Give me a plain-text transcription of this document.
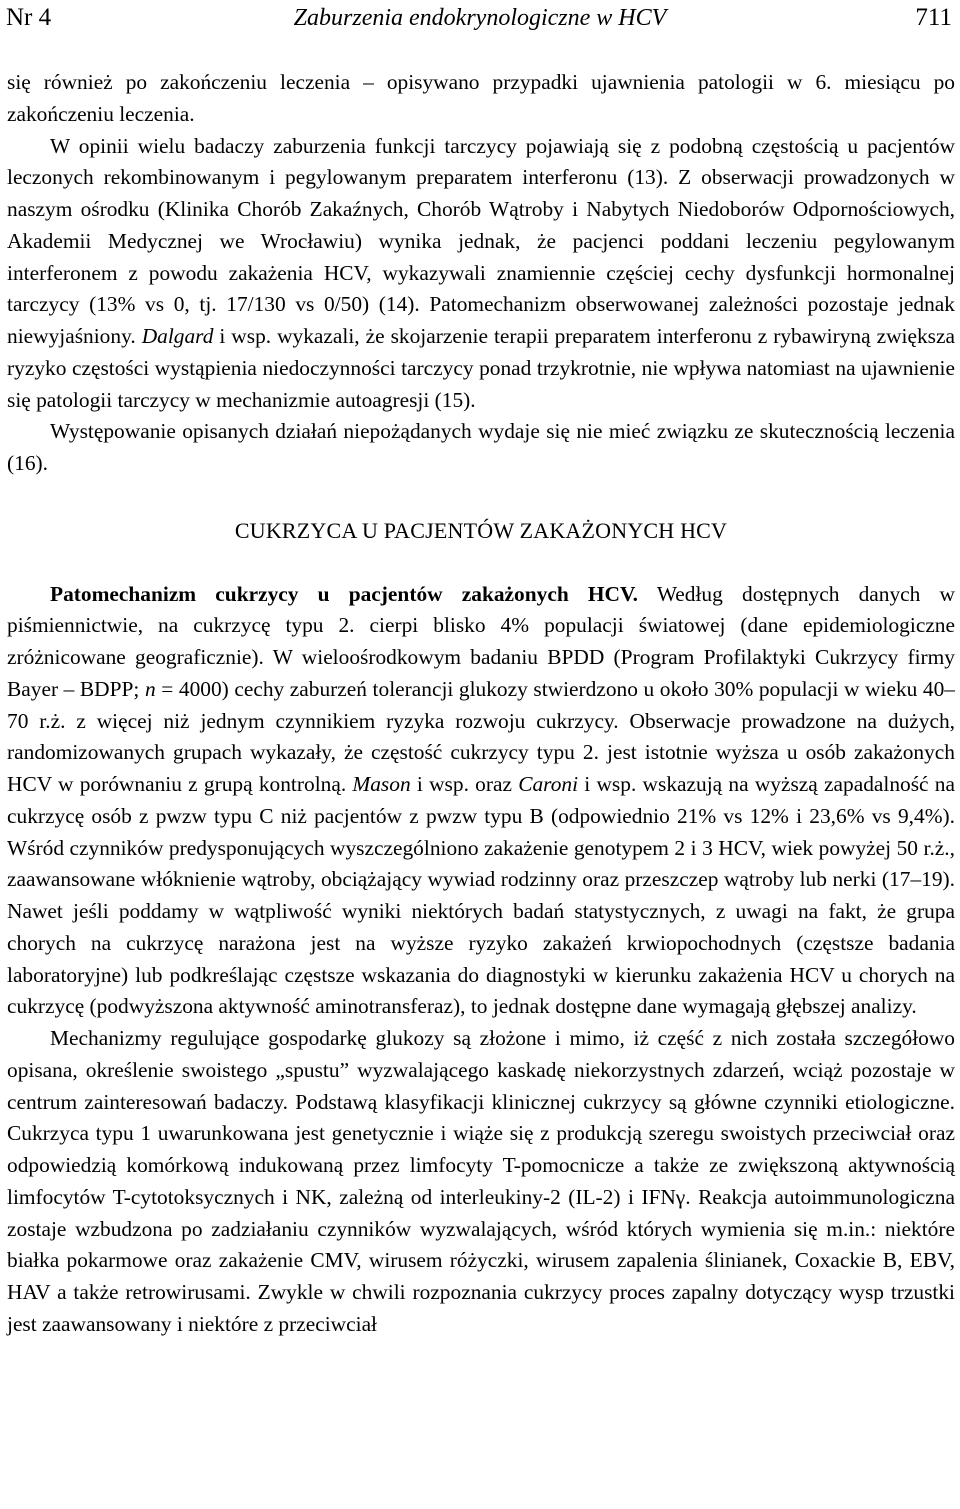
Nr 4	Zaburzenia endokrynologiczne w HCV	711

się również po zakończeniu leczenia – opisywano przypadki ujawnienia patologii w 6. miesiącu po zakończeniu leczenia.

W opinii wielu badaczy zaburzenia funkcji tarczycy pojawiają się z podobną częstością u pacjentów leczonych rekombinowanym i pegylowanym preparatem interferonu (13). Z obserwacji prowadzonych w naszym ośrodku (Klinika Chorób Zakaźnych, Chorób Wątroby i Nabytych Niedoborów Odpornościowych, Akademii Medycznej we Wrocławiu) wynika jednak, że pacjenci poddani leczeniu pegylowanym interferonem z powodu zakażenia HCV, wykazywali znamiennie częściej cechy dysfunkcji hormonalnej tarczycy (13% vs 0, tj. 17/130 vs 0/50) (14). Patomechanizm obserwowanej zależności pozostaje jednak niewyjaśniony. Dalgard i wsp. wykazali, że skojarzenie terapii preparatem interferonu z rybawiryną zwiększa ryzyko częstości wystąpienia niedoczynności tarczycy ponad trzykrotnie, nie wpływa natomiast na ujawnienie się patologii tarczycy w mechanizmie autoagresji (15).

Występowanie opisanych działań niepożądanych wydaje się nie mieć związku ze skutecznością leczenia (16).

CUKRZYCA U PACJENTÓW ZAKAŻONYCH HCV

Patomechanizm cukrzycy u pacjentów zakażonych HCV. Według dostępnych danych w piśmiennictwie, na cukrzycę typu 2. cierpi blisko 4% populacji światowej (dane epidemiologiczne zróżnicowane geograficznie). W wieloośrodkowym badaniu BPDD (Program Profilaktyki Cukrzycy firmy Bayer – BDPP; n = 4000) cechy zaburzeń tolerancji glukozy stwierdzono u około 30% populacji w wieku 40–70 r.ż. z więcej niż jednym czynnikiem ryzyka rozwoju cukrzycy. Obserwacje prowadzone na dużych, randomizowanych grupach wykazały, że częstość cukrzycy typu 2. jest istotnie wyższa u osób zakażonych HCV w porównaniu z grupą kontrolną. Mason i wsp. oraz Caroni i wsp. wskazują na wyższą zapadalność na cukrzycę osób z pwzw typu C niż pacjentów z pwzw typu B (odpowiednio 21% vs 12% i 23,6% vs 9,4%). Wśród czynników predysponujących wyszczególniono zakażenie genotypem 2 i 3 HCV, wiek powyżej 50 r.ż., zaawansowane włóknienie wątroby, obciążający wywiad rodzinny oraz przeszczep wątroby lub nerki (17–19). Nawet jeśli poddamy w wątpliwość wyniki niektórych badań statystycznych, z uwagi na fakt, że grupa chorych na cukrzycę narażona jest na wyższe ryzyko zakażeń krwiopochodnych (częstsze badania laboratoryjne) lub podkreślając częstsze wskazania do diagnostyki w kierunku zakażenia HCV u chorych na cukrzycę (podwyższona aktywność aminotransferaz), to jednak dostępne dane wymagają głębszej analizy.

Mechanizmy regulujące gospodarkę glukozy są złożone i mimo, iż część z nich została szczegółowo opisana, określenie swoistego „spustu” wyzwalającego kaskadę niekorzystnych zdarzeń, wciąż pozostaje w centrum zainteresowań badaczy. Podstawą klasyfikacji klinicznej cukrzycy są główne czynniki etiologiczne. Cukrzyca typu 1 uwarunkowana jest genetycznie i wiąże się z produkcją szeregu swoistych przeciwciał oraz odpowiedzią komórkową indukowaną przez limfocyty T-pomocnicze a także ze zwiększoną aktywnością limfocytów T-cytotoksycznych i NK, zależną od interleukiny-2 (IL-2) i IFNγ. Reakcja autoimmunologiczna zostaje wzbudzona po zadziałaniu czynników wyzwalających, wśród których wymienia się m.in.: niektóre białka pokarmowe oraz zakażenie CMV, wirusem różyczki, wirusem zapalenia ślinianek, Coxackie B, EBV, HAV a także retrowirusami. Zwykle w chwili rozpoznania cukrzycy proces zapalny dotyczący wysp trzustki jest zaawansowany i niektóre z przeciwciał
